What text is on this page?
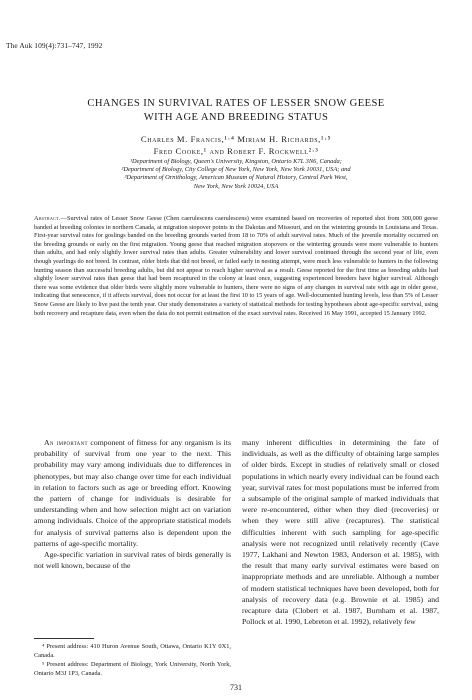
The Auk 109(4):731–747, 1992
CHANGES IN SURVIVAL RATES OF LESSER SNOW GEESE
WITH AGE AND BREEDING STATUS
Charles M. Francis,¹·⁴ Miriam H. Richards,¹·⁵
Fred Cooke,¹ and Robert F. Rockwell²·³
¹Department of Biology, Queen's University, Kingston, Ontario K7L 3N6, Canada;
²Department of Biology, City College of New York, New York, New York 10031, USA; and
³Department of Ornithology, American Museum of Natural History, Central Park West,
New York, New York 10024, USA
Abstract.—Survival rates of Lesser Snow Geese (Chen caerulescens caerulescens) were examined based on recoveries of reported shot from 300,000 geese banded at breeding colonies in northern Canada, at migration stopover points in the Dakotas and Missouri, and on the wintering grounds in Louisiana and Texas. First-year survival rates for goslings banded on the breeding grounds varied from 18 to 70% of adult survival rates. Much of the juvenile mortality occurred on the breeding grounds or early on the first migration. Young geese that reached migration stopovers or the wintering grounds were more vulnerable to hunters than adults, and had only slightly lower survival rates than adults. Greater vulnerability and lower survival continued through the second year of life, even though yearlings do not breed. In contrast, older birds that did not breed, or failed early in nesting attempt, were much less vulnerable to hunters in the following hunting season than successful breeding adults, but did not appear to reach higher survival as a result. Geese reported for the first time as breeding adults had slightly lower survival rates than geese that had been recaptured in the colony at least once, suggesting experienced breeders have higher survival. Although there was some evidence that older birds were slightly more vulnerable to hunters, there were no signs of any changes in survival rate with age in older geese, indicating that senescence, if it affects survival, does not occur for at least the first 10 to 15 years of age. Well-documented hunting levels, less than 5% of Lesser Snow Geese are likely to live past the tenth year. Our study demonstrates a variety of statistical methods for testing hypotheses about age-specific survival, using both recovery and recapture data, even when the data do not permit estimation of the exact survival rates. Received 16 May 1991, accepted 15 January 1992.

An important component of fitness for any organism is its probability of survival from one year to the next. This probability may vary among individuals due to differences in phenotypes, but may also change over time for each individual in relation to factors such as age or breeding effort. Knowing the pattern of change for individuals is desirable for understanding when and how selection might act on variation among individuals. Choice of the appropriate statistical models for analysis of survival patterns also is dependent upon the patterns of age-specific mortality.

Age-specific variation in survival rates of birds generally is not well known, because of the

many inherent difficulties in determining the fate of individuals, as well as the difficulty of obtaining large samples of older birds. Except in studies of relatively small or closed populations in which nearly every individual can be found each year, survival rates for most populations must be inferred from a subsample of the original sample of marked individuals that were re-encountered, either when they died (recoveries) or when they were still alive (recaptures). The statistical difficulties inherent with such sampling for age-specific analysis were not recognized until relatively recently (Cave 1977, Lakhani and Newton 1983, Anderson et al. 1985), with the result that many early survival estimates were based on inappropriate methods and are unreliable. Although a number of modern statistical techniques have been developed, both for analysis of recovery data (e.g. Brownie et al. 1985) and recapture data (Clobert et al. 1987, Burnham et al. 1987, Pollock et al. 1990, Lebreton et al. 1992), relatively few

⁴ Present address: 410 Huron Avenue South, Ottawa, Ontario K1Y 0X1, Canada.

⁵ Present address: Department of Biology, York University, North York, Ontario M3J 1P3, Canada.

731
